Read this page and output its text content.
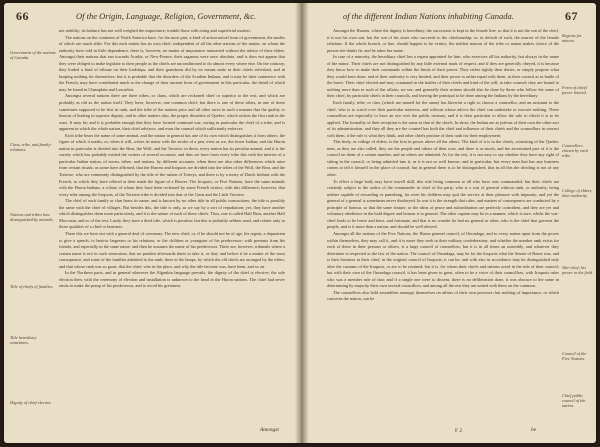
66	Of the Origin, Language, Religion, Government, &c.
Government of the nations of Canada.
Class, tribe, and family-relations.
Nations and tribes how distinguished by animals.
Title of chiefs of families.
Title hereditary sometimes.
Dignity of chief elective.

not nobility; its balance has not well weighed the importance; trouble those with rising and superficial matters.

The nations on the continent of North America have, for the most part, a kind of aristocratical form of government, the modes of which are much alike. For this each nation has its own chief, independent of all the other nations of the nation, on whom the authority have told in little dependence, there is, however, no matter of importance transacted without the advice of their elders. Amongst their nations that run towards Acadia, or New-France, their sagamos were once absolute, and is does not appear that they were obliged to make legislate to their people as the chiefs are unconditioned to do almost every where else. On the contrary, they lorded a kind of tribune on their lordships, and their grandsons did by no means unite in their chiefs refreshed, and in keeping nothing for themselves; but it is probable that the disorders of the Acadian Indians, and it may be their commerce with the French, may have contributed much to the change of their ancient form of government in this particular, the detail of which may be found in Champlain and Lescarbot.

Amongst several nations there are three tribes, or clans, which are reckoned chief or superior to the rest, and which are probably as old as the nation itself. They have, however, one common chief; but there is one of these tribes, in one of these sometimes supposed to be first in rank, and the tribe of the nations prior and all other races in such a manner that the quality or honour of leading in superior dignity; and in other matters also, the proper disorders of Quebec, which reckon the first rank in the wars. It may be; and it is probable enough that they have formed continual war, saving in particular the chief of a tribe, and is apparent in which the whole nation, their chief advisors, and even the counsel which sufficiently enforces.

Each tribe bears the name of some animal, and the nation in general has one of its own which distinguishes it from others, the figure of which it marks, or, when it will, writes its name with the stroke of a pen, even as we, the lower Indian; and the Huron nation in particular is divided into the Bear, the Wolf, and the Tortoise; in these, every nation has its peculiar animal, and it is the variety which has probably misled the writers of several accounts; and thus we have from every tribe this with the interest of a particular Indian nation, of towns, tribes, and nations, by different accounts, when there are also other differences which arise from certain rituals; as some have affirmed, that the Hurons and Iroquois are divided into the tribes of the Wolf, the Bear, and the Tortoise, who are commonly distinguished by the title of the nation of Torteys, and there is by a treaty of Dutch Indians with the French, as which they have offered at their made the figure of a Beaver. The Iroquois, or Five Nations, have the same animals with the Huron Indians, a colony of whom they have been reckoned by some French writers, with this difference, however, that every tribe among the Iroquois, of the Tortoise tribe is divided into that of the Great and the Little Tortoise.

The chief of each family or clan bears its name, and is known by no other title in all public transactions; the title is possibly the same with the chief of villages. But besides this, the title is only, as we say by a sort of repudiation; yet, they have another which distinguishes them more particularly, and it is the nature of each of these chiefs. Thus, one is called Half Bear, another Half Moccasin, and so of the rest. Lastly, they have a third title, which is peculiar; but this is probably seldom used, and relates only to those qualities of a chief or business.

There this we have not with a general deal of ceremony. The new chief, or, if he should not be of age, his regent, a deputation to give a speech, to bestow largesses to his relations, or the children or youngster of his predecessor; with presents from his friends, and especially in the same name; and then he assumes the name of his predecessor. There are, however, tribunals where a certain name is not in such veneration, that no prudent afterwards dares to take it, or that; and before it be a matter of the most consequence, and some of the families admitted to the rank; there at the lamps, by which the old chiefs are arranged by the tribes, and that whose rank was so great, that the chief, who in the place, and why the title become was, have been, and so on.

In the Northern parts, and in general wherever the Algonkin language prevails, the dignity of the chief is elective; the sole election then, with the ceremony of election and installation is unknown to the head in the Huron nations. The chief had never omits to make the pomp of his predecessor, and to avoid his greatness.

Amongst
of the different Indian Nations inhabiting Canada.	67

Amongst the Hurons, where the dignity is hereditary, the succession is kept in the female line, so that it is not the son of the chief, it is not his own son, but the son of his sister who succeeds to the chieftainship; or, in default of such, the nearest of the female relations. If the whole branch, or line, should happen to be extinct, the noblest matron of the tribe or nation makes choice of the person she thinks fit, and he takes her name.

In case of a minority, the hereditary chief has a regent appointed for him, who exercises all his authority, but always in the name of the minor. Their chiefs are not distinguished by any little external mark of respect, and if they are generally obeyed, it is because they know how to make their commands within the limits of their power. They rather rightly their duties, or simply propose what they would have done, and of their authority is very limited, and their power is rather equal with them, in their council as in battle of the brave. Their chief elected and may command in the battles of their chiefs and kind of the will, to take counsel; they are bound to nothing more than to such of the affairs; we see, and generally their actions should also be done by those who follow the same of their chief, by particular chiefs in their councils, and leaving the principal to be done among the Indians by the hereditary.

Each family, tribe, or clan, (which are named for the same) has likewise a right to choose a counsellor, and an assistant to the chief, who is to watch over their particular interests, and without whose advice the chief can undertake or execute nothing. These counsellors are especially to have an eye over the public treasury, and it is their particular to allow the sale to which it is to be applied. The formality of their reception is the same as that of the chiefs. In short, the Indian are as jealous of their own the other sort of its administration, and they all they are the counsel has both the chief and influence of their chiefs and the counsellors in concert with them, it the rule is what they think, and other chiefs profane of their rank for their employment.

This body, or college of elders, is the first in power above all the others. The kind of it is in the chiefs, consisting of the Quebec men, as they are also called, they are the people and others of their own, and there is as much, and the ascertained part of it is the council on them of a certain number, and no others are admitted. As for the rest, it is not easy to say whether they have any right of sitting in the council, or being admitted into it, as it is not so well known; and in particular, but every man that has any business comes to tell it himself in the place of council; but in general there is to be distinguished, that in all this the dividing is not of any other.

To effect a large body may have inwell skill, this rule being common to all who have ears commanded; but their chiefs are certainly subject to the orders of the commander in chief of the party, who is a sort of general without rank, or authority, being neither capable of rewarding or punishing, for even his children may quit the service at their pleasure with impunity; and yet the general of a general is sometimes never disobeyed. In war it is the strength that rules, and matters of consequence are conducted by a principle of honour, so that the same feature, or the ideas of peace and subordination are perfectly coincident, and they are yet and voluntary obedience in the bold degree and honour it in general. The other captain may be in a manner, which is sure, whilst the war-chief leads to be brave and have, and fortunate, and that is no wonder he had no general or other, who is the chief that governs the people, and is it more than a nation, and should be well obeyed.

Amongst all the nations of the Five Nations, the Huron general council, of Onondaga, and to every nation apart from the power within themselves, they may call it, and it is more they seek in their military confederation; and whether the number rank exists for each of these in their persons or others, is a large council of counsellors, but it is in all times an assembly, and whatever they determine is respected as the law of the nation. The council of Onondaga, may be for the Iroquois what the Senate of Rome was, and is their business in their chief, in the original council of Iroquois; it can be, and with also in accordance may be distinguished only after the customs of the Iroquois, or are to be retained; but it is, for whom their chiefs and nations acted in the rule of their council; but with their own of the Onondaga council, it has been given to great, often to be a voice of their councillors, with Iroquois rules who was a member rule of that; and if a single one were to dissent, there is no deliberation done, it was obscure to the same in determining by majority their own several councillors; and among all the rest they are united with them on the common.

The counsellors also hold assemblies amongst themselves on affairs of their own province; but nothing of importance, or which concerns the nation, can be

Regents for minors.
Form of chiefs' power limited.
Counsellors chosen by each tribe.
College of elders, their authority.
War-chief, his power in the field.
Council of the Five Nations.
Chief public council of the nation.
F 2	be
